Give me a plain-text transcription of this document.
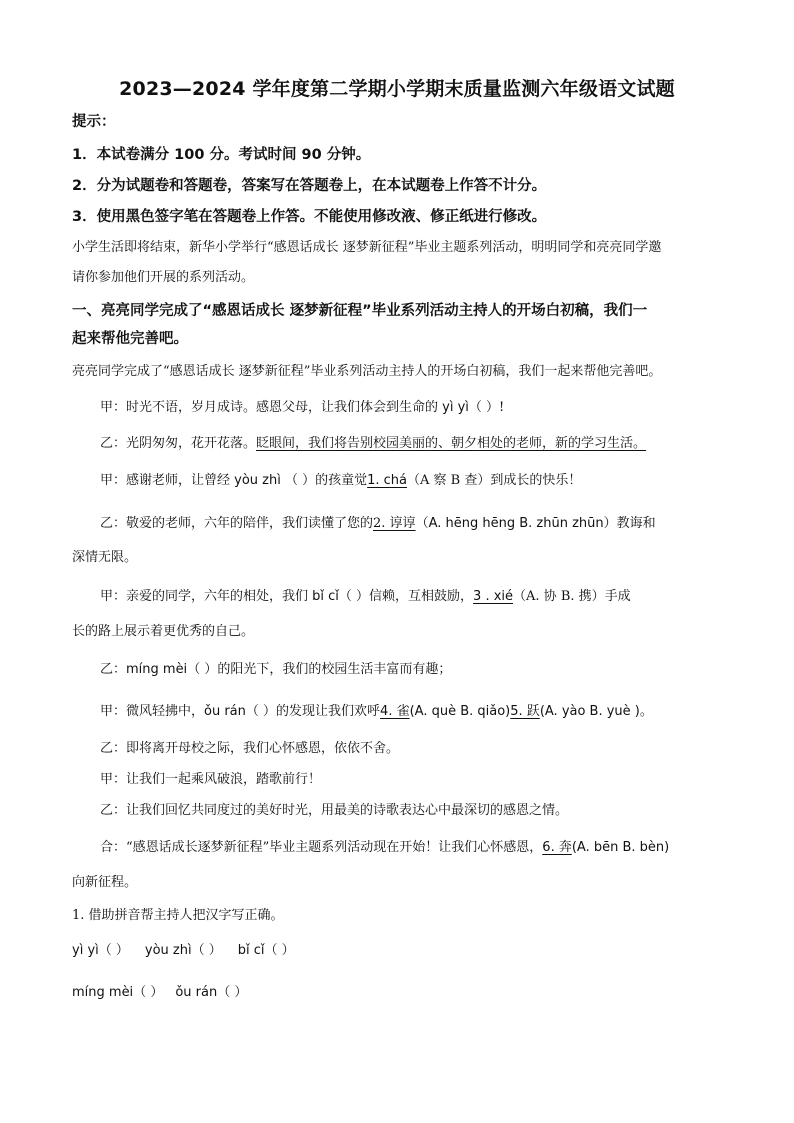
2023—2024 学年度第二学期小学期末质量监测六年级语文试题
提示：
1．本试卷满分 100 分。考试时间 90 分钟。
2．分为试题卷和答题卷，答案写在答题卷上，在本试题卷上作答不计分。
3．使用黑色签字笔在答题卷上作答。不能使用修改液、修正纸进行修改。
小学生活即将结束，新华小学举行“感恩话成长 逐梦新征程”毕业主题系列活动，明明同学和亮亮同学邀
请你参加他们开展的系列活动。
一、亮亮同学完成了“感恩话成长 逐梦新征程”毕业系列活动主持人的开场白初稿，我们一
起来帮他完善吧。
亮亮同学完成了“感恩话成长 逐梦新征程”毕业系列活动主持人的开场白初稿，我们一起来帮他完善吧。
甲：时光不语，岁月成诗。感恩父母，让我们体会到生命的 yì yì（ ）!
乙：光阴匆匆，花开花落。眨眼间，我们将告别校园美丽的、朝夕相处的老师，新的学习生活。
甲：感谢老师，让曾经 yòu zhì （ ）的孩童觉1. chá（A 察 B 查）到成长的快乐！
乙：敬爱的老师，六年的陪伴，我们读懂了您的2. 谆谆（A. hēng hēng B. zhūn zhūn）教诲和
深情无限。
甲：亲爱的同学，六年的相处，我们 bǐ cǐ（ ）信赖，互相鼓励，3 . xié（A. 协 B. 携）手成
长的路上展示着更优秀的自己。
乙：míng mèi（ ）的阳光下，我们的校园生活丰富而有趣；
甲：微风轻拂中，ǒu rán（ ）的发现让我们欢呼4. 雀(A. què B. qiǎo)5. 跃(A. yào B. yuè )。
乙：即将离开母校之际，我们心怀感恩，依依不舍。
甲：让我们一起乘风破浪，踏歌前行！
乙：让我们回忆共同度过的美好时光，用最美的诗歌表达心中最深切的感恩之情。
合：“感恩话成长逐梦新征程”毕业主题系列活动现在开始！让我们心怀感恩，6. 奔(A. bēn B. bèn)
向新征程。
1. 借助拼音帮主持人把汉字写正确。
yì yì（ ） yòu zhì（ ） bǐ cǐ（ ）
míng mèi（ ） ǒu rán（ ）
